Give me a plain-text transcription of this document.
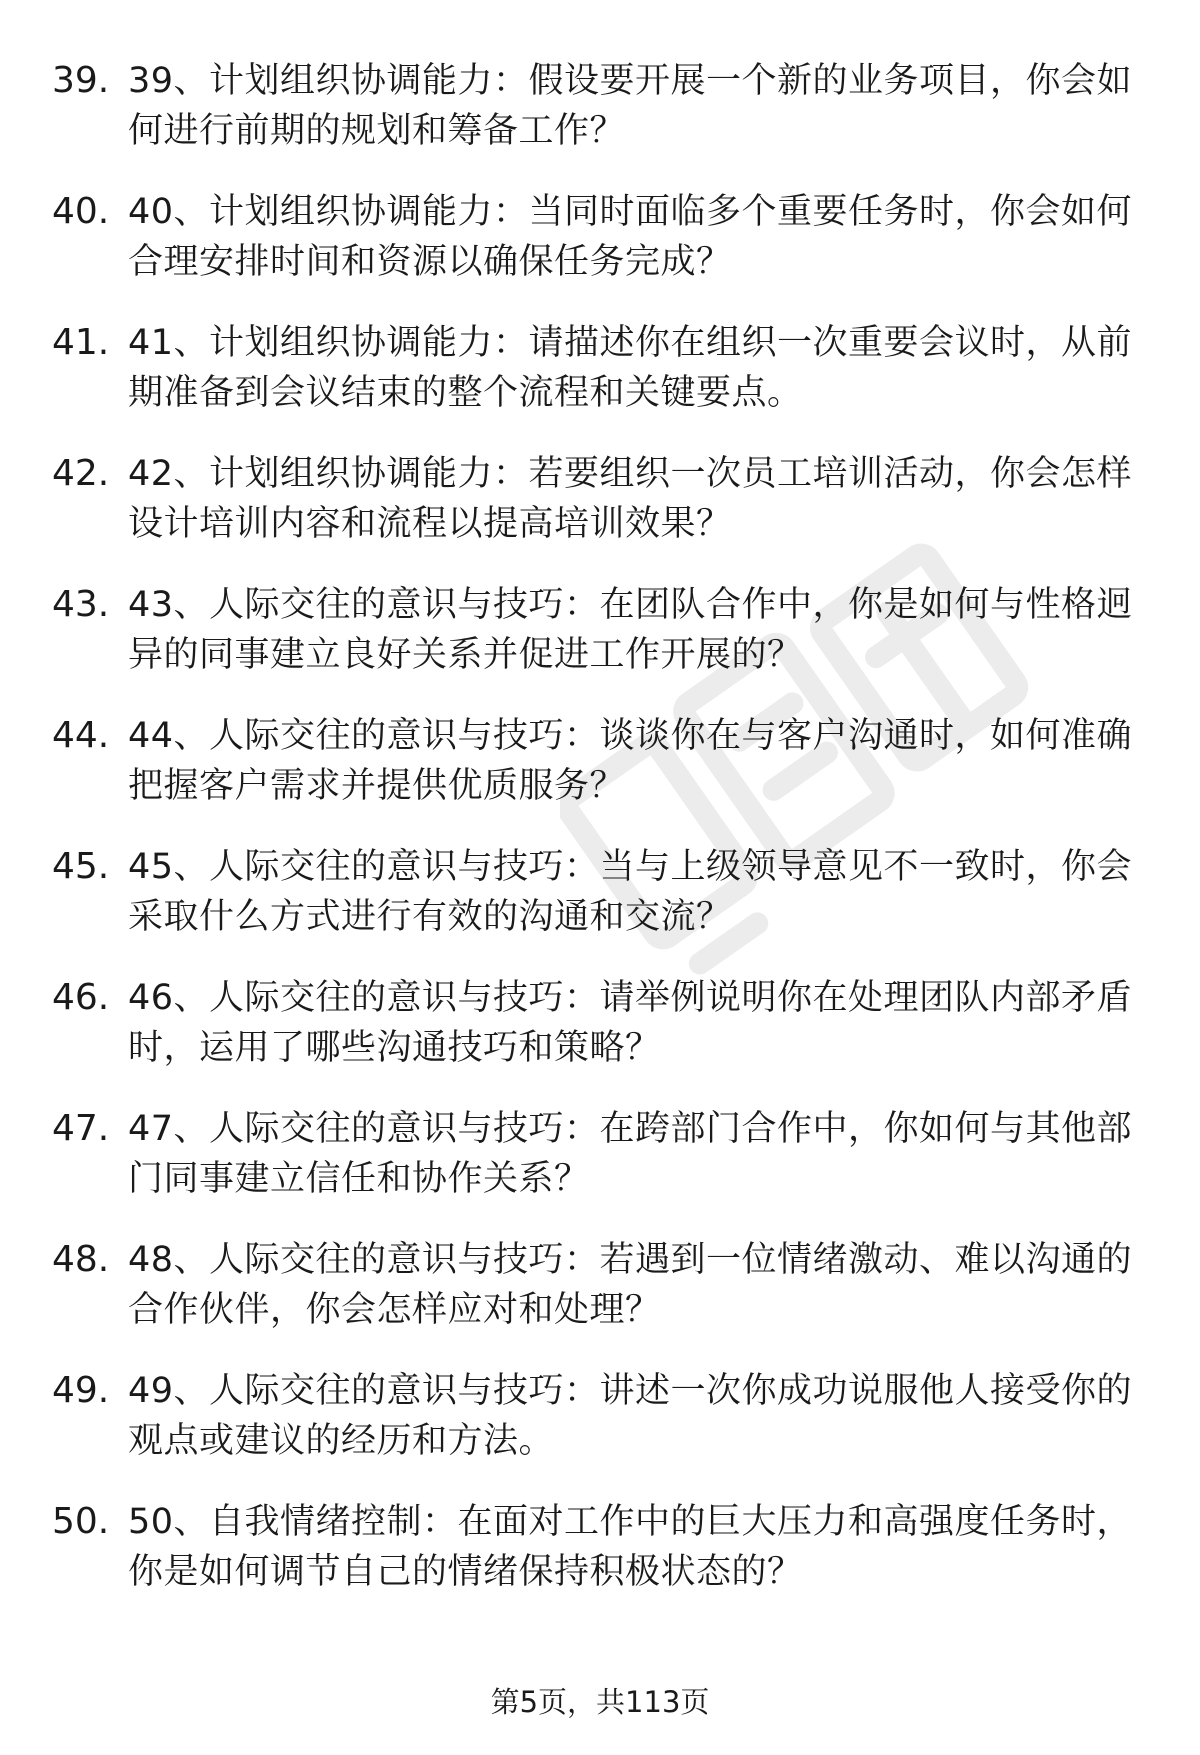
39. 39、计划组织协调能力：假设要开展一个新的业务项目，你会如何进行前期的规划和筹备工作？
40. 40、计划组织协调能力：当同时面临多个重要任务时，你会如何合理安排时间和资源以确保任务完成？
41. 41、计划组织协调能力：请描述你在组织一次重要会议时，从前期准备到会议结束的整个流程和关键要点。
42. 42、计划组织协调能力：若要组织一次员工培训活动，你会怎样设计培训内容和流程以提高培训效果？
43. 43、人际交往的意识与技巧：在团队合作中，你是如何与性格迥异的同事建立良好关系并促进工作开展的？
44. 44、人际交往的意识与技巧：谈谈你在与客户沟通时，如何准确把握客户需求并提供优质服务？
45. 45、人际交往的意识与技巧：当与上级领导意见不一致时，你会采取什么方式进行有效的沟通和交流？
46. 46、人际交往的意识与技巧：请举例说明你在处理团队内部矛盾时，运用了哪些沟通技巧和策略？
47. 47、人际交往的意识与技巧：在跨部门合作中，你如何与其他部门同事建立信任和协作关系？
48. 48、人际交往的意识与技巧：若遇到一位情绪激动、难以沟通的合作伙伴，你会怎样应对和处理？
49. 49、人际交往的意识与技巧：讲述一次你成功说服他人接受你的观点或建议的经历和方法。
50. 50、自我情绪控制：在面对工作中的巨大压力和高强度任务时，你是如何调节自己的情绪保持积极状态的？
第5页，共113页
